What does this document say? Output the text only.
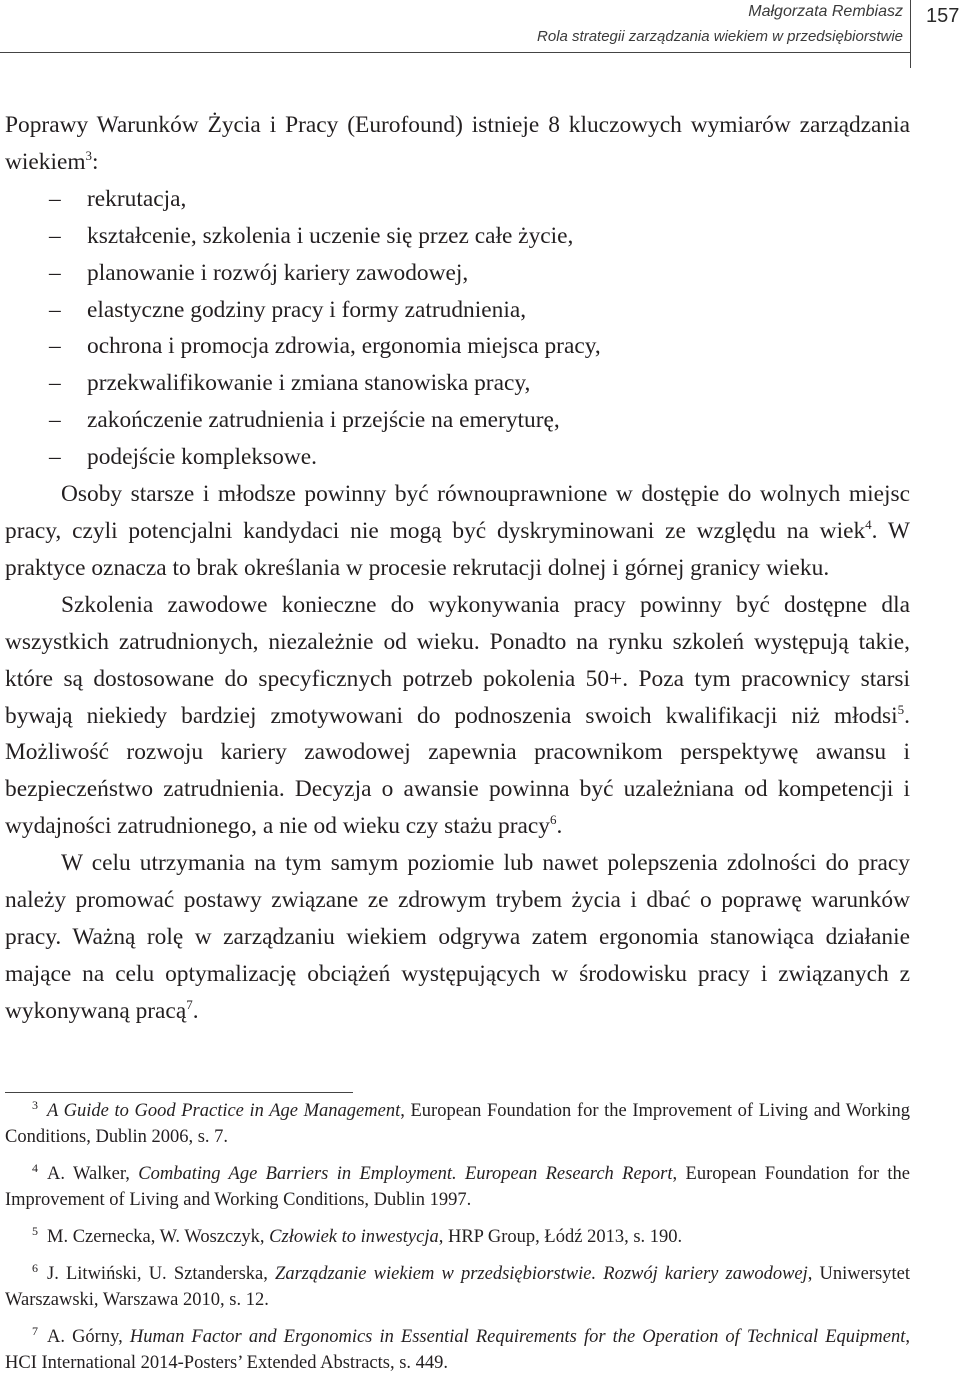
Małgorzata Rembiasz
Rola strategii zarządzania wiekiem w przedsiębiorstwie
157

Poprawy Warunków Życia i Pracy (Eurofound) istnieje 8 kluczowych wymiarów zarządzania wiekiem$^3$:

– rekrutacja,
– kształcenie, szkolenia i uczenie się przez całe życie,
– planowanie i rozwój kariery zawodowej,
– elastyczne godziny pracy i formy zatrudnienia,
– ochrona i promocja zdrowia, ergonomia miejsca pracy,
– przekwalifikowanie i zmiana stanowiska pracy,
– zakończenie zatrudnienia i przejście na emeryturę,
– podejście kompleksowe.

Osoby starsze i młodsze powinny być równouprawnione w dostępie do wolnych miejsc pracy, czyli potencjalni kandydaci nie mogą być dyskryminowani ze względu na wiek$^4$. W praktyce oznacza to brak określania w procesie rekrutacji dolnej i górnej granicy wieku.

Szkolenia zawodowe konieczne do wykonywania pracy powinny być dostępne dla wszystkich zatrudnionych, niezależnie od wieku. Ponadto na rynku szkoleń występują takie, które są dostosowane do specyficznych potrzeb pokolenia 50+. Poza tym pracownicy starsi bywają niekiedy bardziej zmotywowani do podnoszenia swoich kwalifikacji niż młodsi$^5$. Możliwość rozwoju kariery zawodowej zapewnia pracownikom perspektywę awansu i bezpieczeństwo zatrudnienia. Decyzja o awansie powinna być uzależniana od kompetencji i wydajności zatrudnionego, a nie od wieku czy stażu pracy$^6$.

W celu utrzymania na tym samym poziomie lub nawet polepszenia zdolności do pracy należy promować postawy związane ze zdrowym trybem życia i dbać o poprawę warunków pracy. Ważną rolę w zarządzaniu wiekiem odgrywa zatem ergonomia stanowiąca działanie mające na celu optymalizację obciążeń występujących w środowisku pracy i związanych z wykonywaną pracą$^7$.

$^3$ A Guide to Good Practice in Age Management, European Foundation for the Improvement of Living and Working Conditions, Dublin 2006, s. 7.

$^4$ A. Walker, Combating Age Barriers in Employment. European Research Report, European Foundation for the Improvement of Living and Working Conditions, Dublin 1997.

$^5$ M. Czernecka, W. Woszczyk, Człowiek to inwestycja, HRP Group, Łódź 2013, s. 190.

$^6$ J. Litwiński, U. Sztanderska, Zarządzanie wiekiem w przedsiębiorstwie. Rozwój kariery zawodowej, Uniwersytet Warszawski, Warszawa 2010, s. 12.

$^7$ A. Górny, Human Factor and Ergonomics in Essential Requirements for the Operation of Technical Equipment, HCI International 2014-Posters’ Extended Abstracts, s. 449.
